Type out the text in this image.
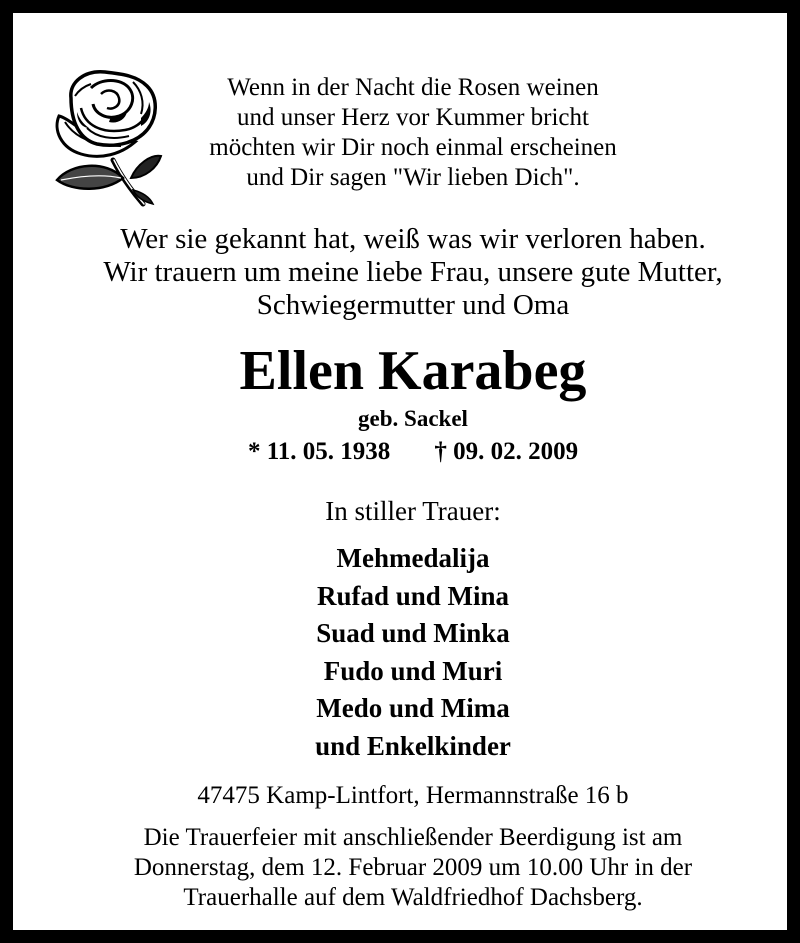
Wenn in der Nacht die Rosen weinen
und unser Herz vor Kummer bricht
möchten wir Dir noch einmal erscheinen
und Dir sagen "Wir lieben Dich".
Wer sie gekannt hat, weiß was wir verloren haben.
Wir trauern um meine liebe Frau, unsere gute Mutter,
Schwiegermutter und Oma
Ellen Karabeg
geb. Sackel
* 11. 05. 1938 † 09. 02. 2009
In stiller Trauer:
Mehmedalija
Rufad und Mina
Suad und Minka
Fudo und Muri
Medo und Mima
und Enkelkinder
47475 Kamp-Lintfort, Hermannstraße 16 b
Die Trauerfeier mit anschließender Beerdigung ist am
Donnerstag, dem 12. Februar 2009 um 10.00 Uhr in der
Trauerhalle auf dem Waldfriedhof Dachsberg.
